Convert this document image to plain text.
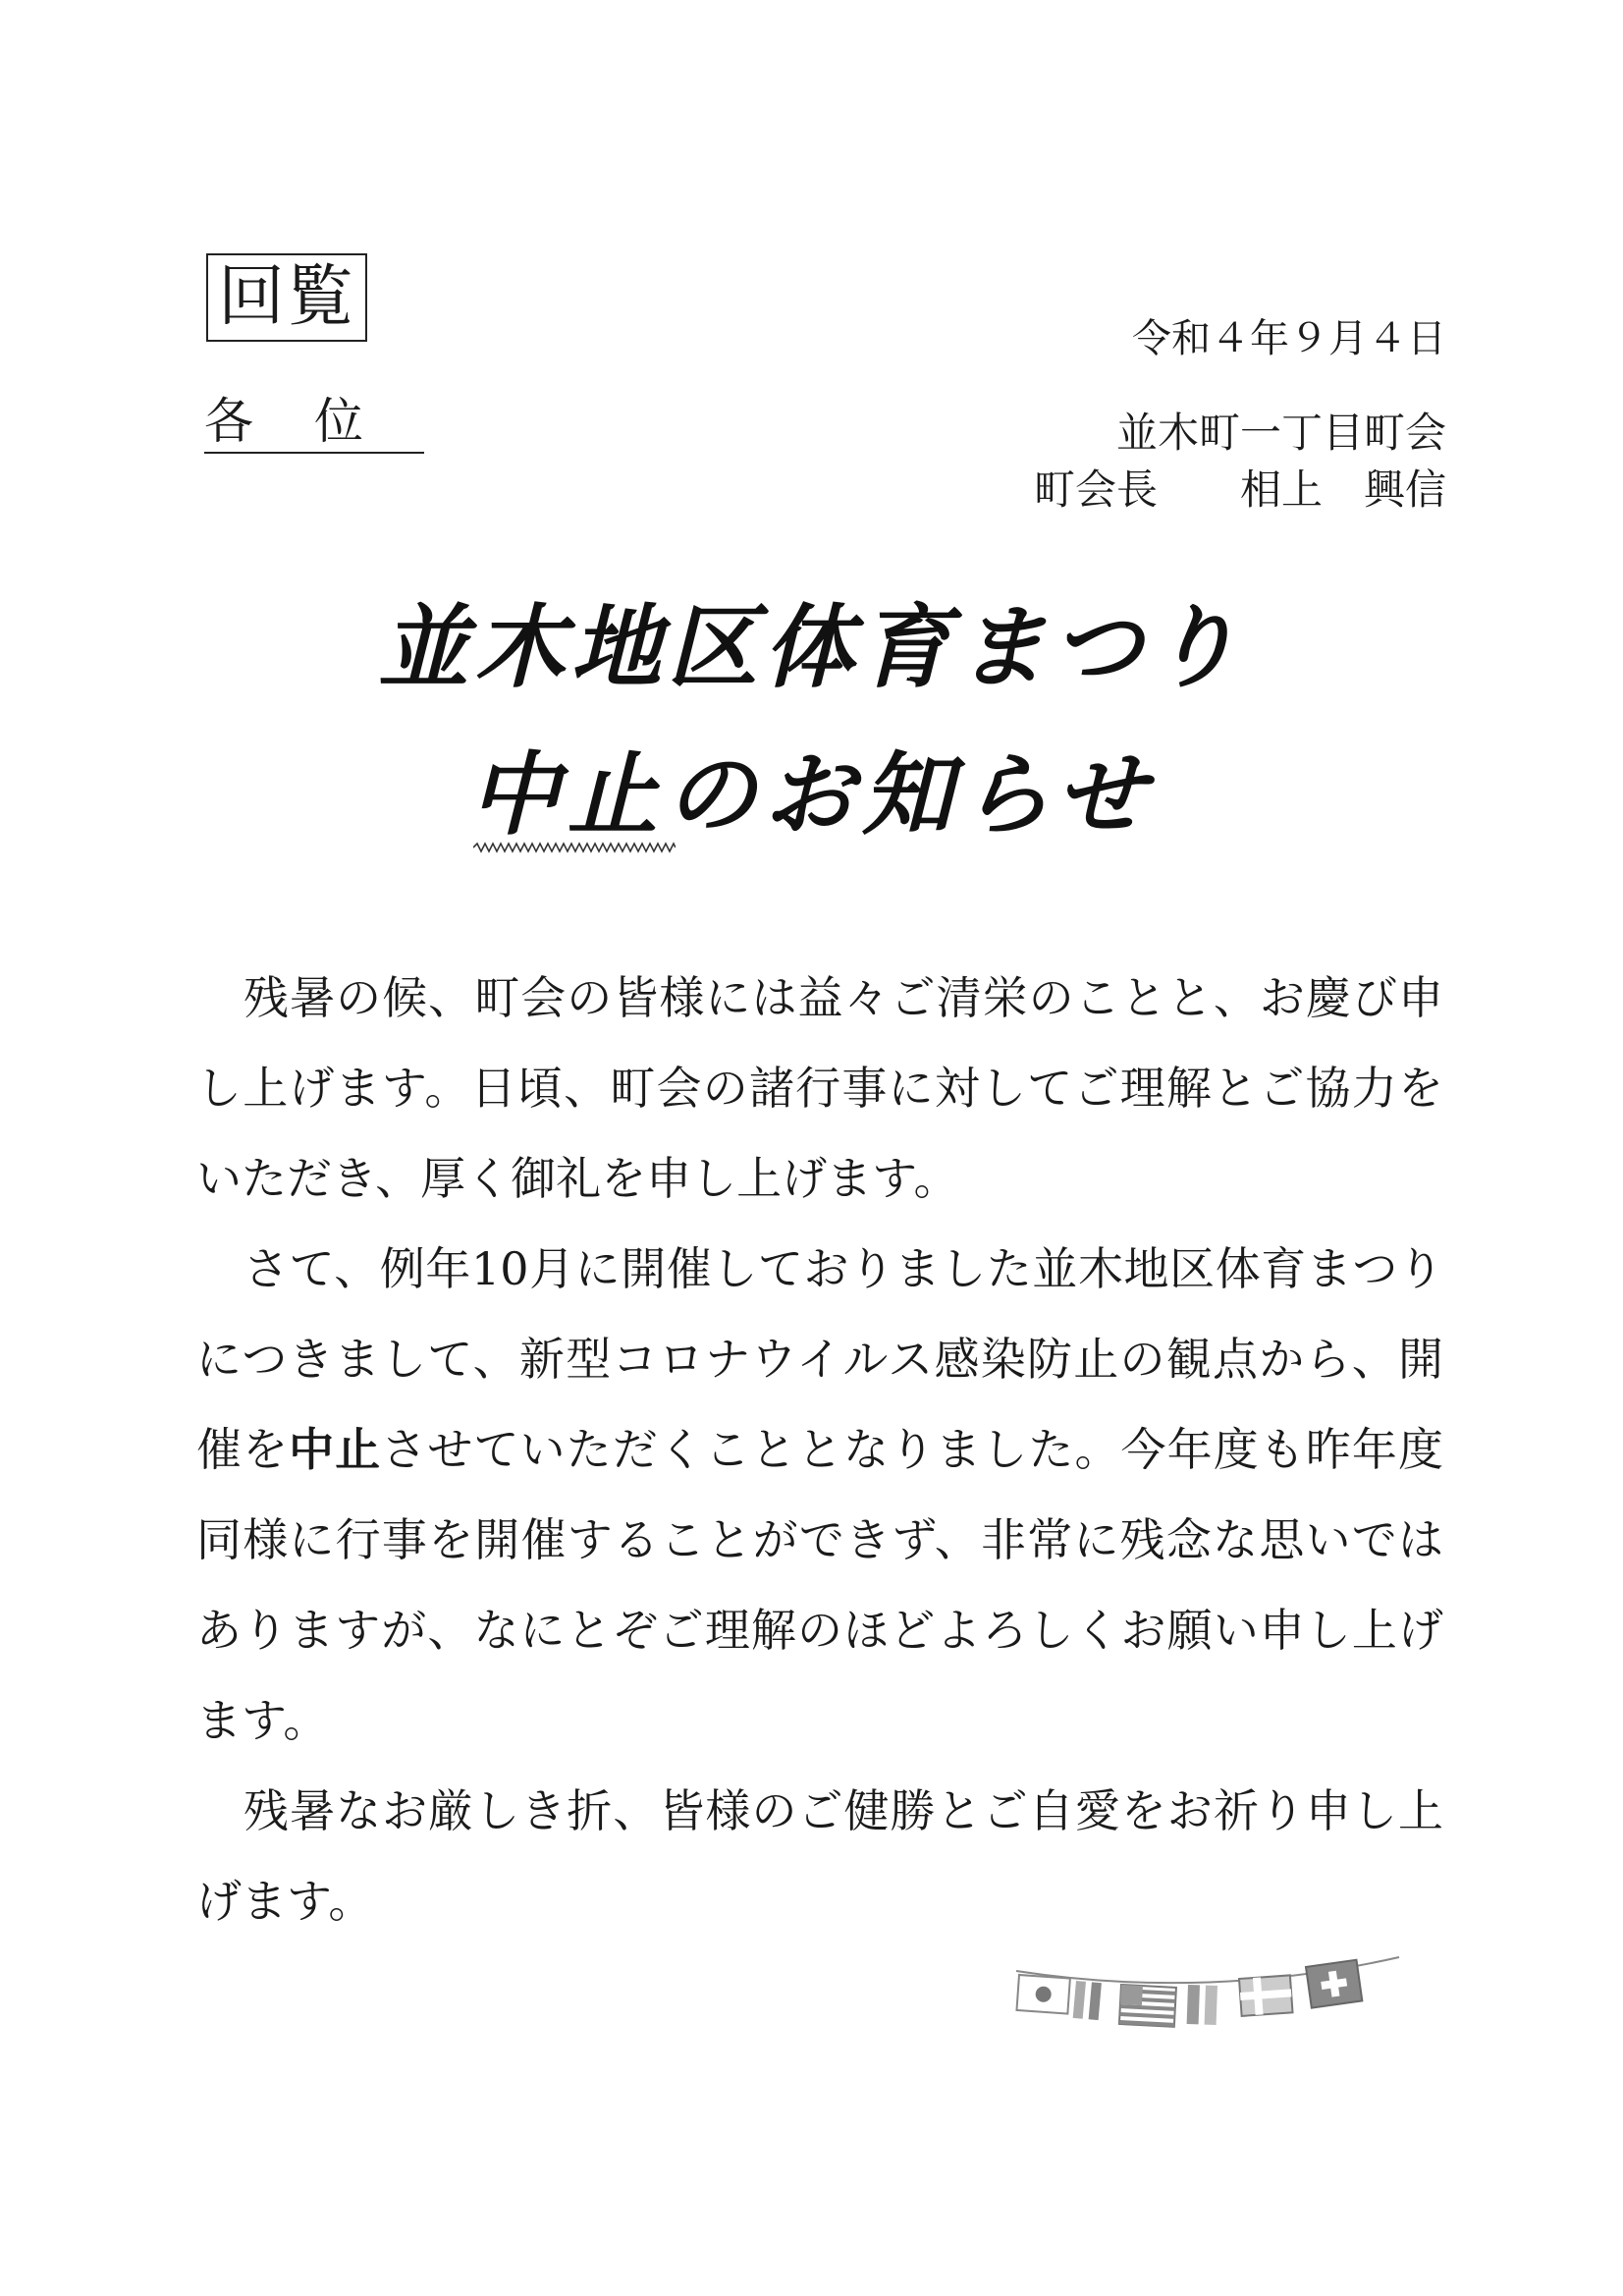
回覧
各位
令和４年９月４日
並木町一丁目町会
町会長　　相上　興信
並木地区体育まつり
中止のお知らせ

残暑の候、町会の皆様には益々ご清栄のことと、お慶び申し上げます。日頃、町会の諸行事に対してご理解とご協力をいただき、厚く御礼を申し上げます。

さて、例年10月に開催しておりました並木地区体育まつりにつきまして、新型コロナウイルス感染防止の観点から、開催を中止させていただくこととなりました。今年度も昨年度同様に行事を開催することができず、非常に残念な思いではありますが、なにとぞご理解のほどよろしくお願い申し上げます。

残暑なお厳しき折、皆様のご健勝とご自愛をお祈り申し上げます。
